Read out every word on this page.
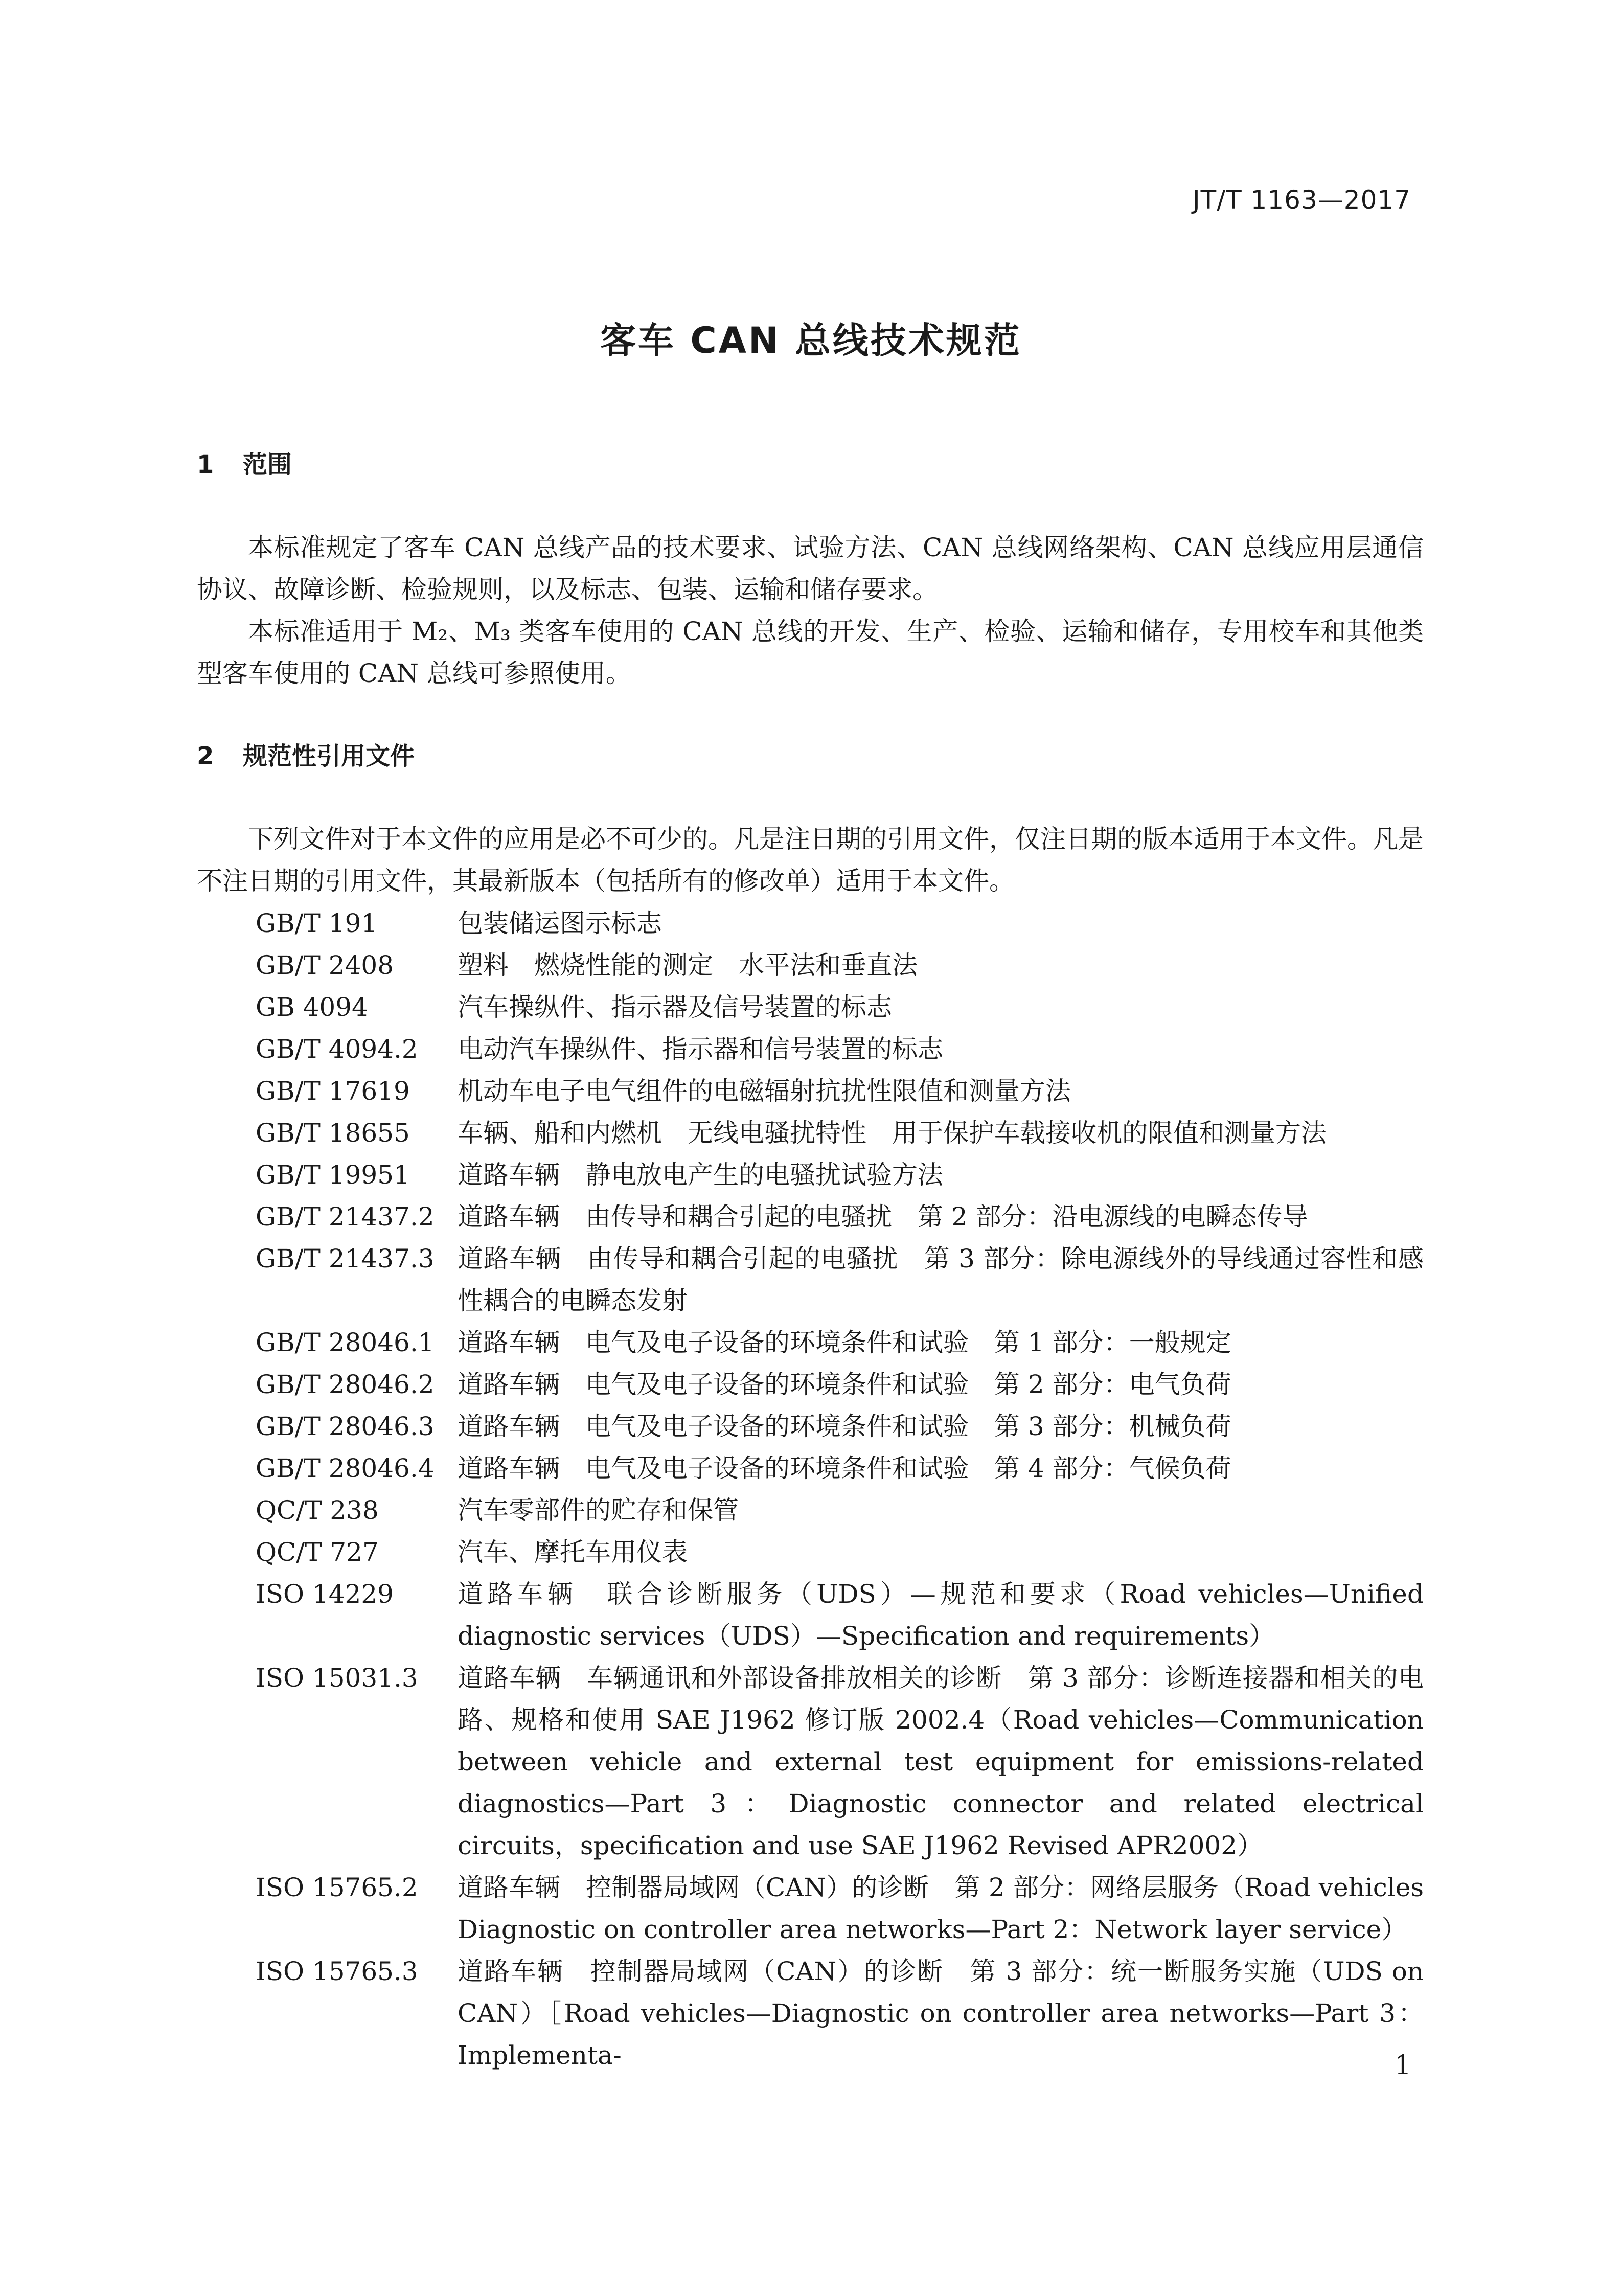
JT/T 1163—2017
客车 CAN 总线技术规范
1 范围

本标准规定了客车 CAN 总线产品的技术要求、试验方法、CAN 总线网络架构、CAN 总线应用层通信协议、故障诊断、检验规则，以及标志、包装、运输和储存要求。

本标准适用于 M₂、M₃ 类客车使用的 CAN 总线的开发、生产、检验、运输和储存，专用校车和其他类型客车使用的 CAN 总线可参照使用。

2 规范性引用文件

下列文件对于本文件的应用是必不可少的。凡是注日期的引用文件，仅注日期的版本适用于本文件。凡是不注日期的引用文件，其最新版本（包括所有的修改单）适用于本文件。

GB/T 191	包装储运图示标志
GB/T 2408	塑料　燃烧性能的测定　水平法和垂直法
GB 4094	汽车操纵件、指示器及信号装置的标志
GB/T 4094.2	电动汽车操纵件、指示器和信号装置的标志
GB/T 17619	机动车电子电气组件的电磁辐射抗扰性限值和测量方法
GB/T 18655	车辆、船和内燃机　无线电骚扰特性　用于保护车载接收机的限值和测量方法
GB/T 19951	道路车辆　静电放电产生的电骚扰试验方法
GB/T 21437.2 道路车辆　由传导和耦合引起的电骚扰　第 2 部分：沿电源线的电瞬态传导
GB/T 21437.3 道路车辆　由传导和耦合引起的电骚扰　第 3 部分：除电源线外的导线通过容性和感性耦合的电瞬态发射
GB/T 28046.1 道路车辆　电气及电子设备的环境条件和试验　第 1 部分：一般规定
GB/T 28046.2 道路车辆　电气及电子设备的环境条件和试验　第 2 部分：电气负荷
GB/T 28046.3 道路车辆　电气及电子设备的环境条件和试验　第 3 部分：机械负荷
GB/T 28046.4 道路车辆　电气及电子设备的环境条件和试验　第 4 部分：气候负荷
QC/T 238	汽车零部件的贮存和保管
QC/T 727	汽车、摩托车用仪表
ISO 14229	道路车辆　联合诊断服务（UDS）—规范和要求（Road vehicles—Unified diagnostic services（UDS）—Specification and requirements）
ISO 15031.3	道路车辆　车辆通讯和外部设备排放相关的诊断　第 3 部分：诊断连接器和相关的电路、规格和使用 SAE J1962 修订版 2002.4（Road vehicles—Communication between vehicle and external test equipment for emissions-related diagnostics—Part 3：Diagnostic connector and related electrical circuits，specification and use SAE J1962 Revised APR2002）
ISO 15765.2	道路车辆　控制器局域网（CAN）的诊断　第 2 部分：网络层服务（Road vehicles Diagnostic on controller area networks—Part 2：Network layer service）
ISO 15765.3	道路车辆　控制器局域网（CAN）的诊断　第 3 部分：统一断服务实施（UDS on CAN）［Road vehicles—Diagnostic on controller area networks—Part 3：Implementa-	1
